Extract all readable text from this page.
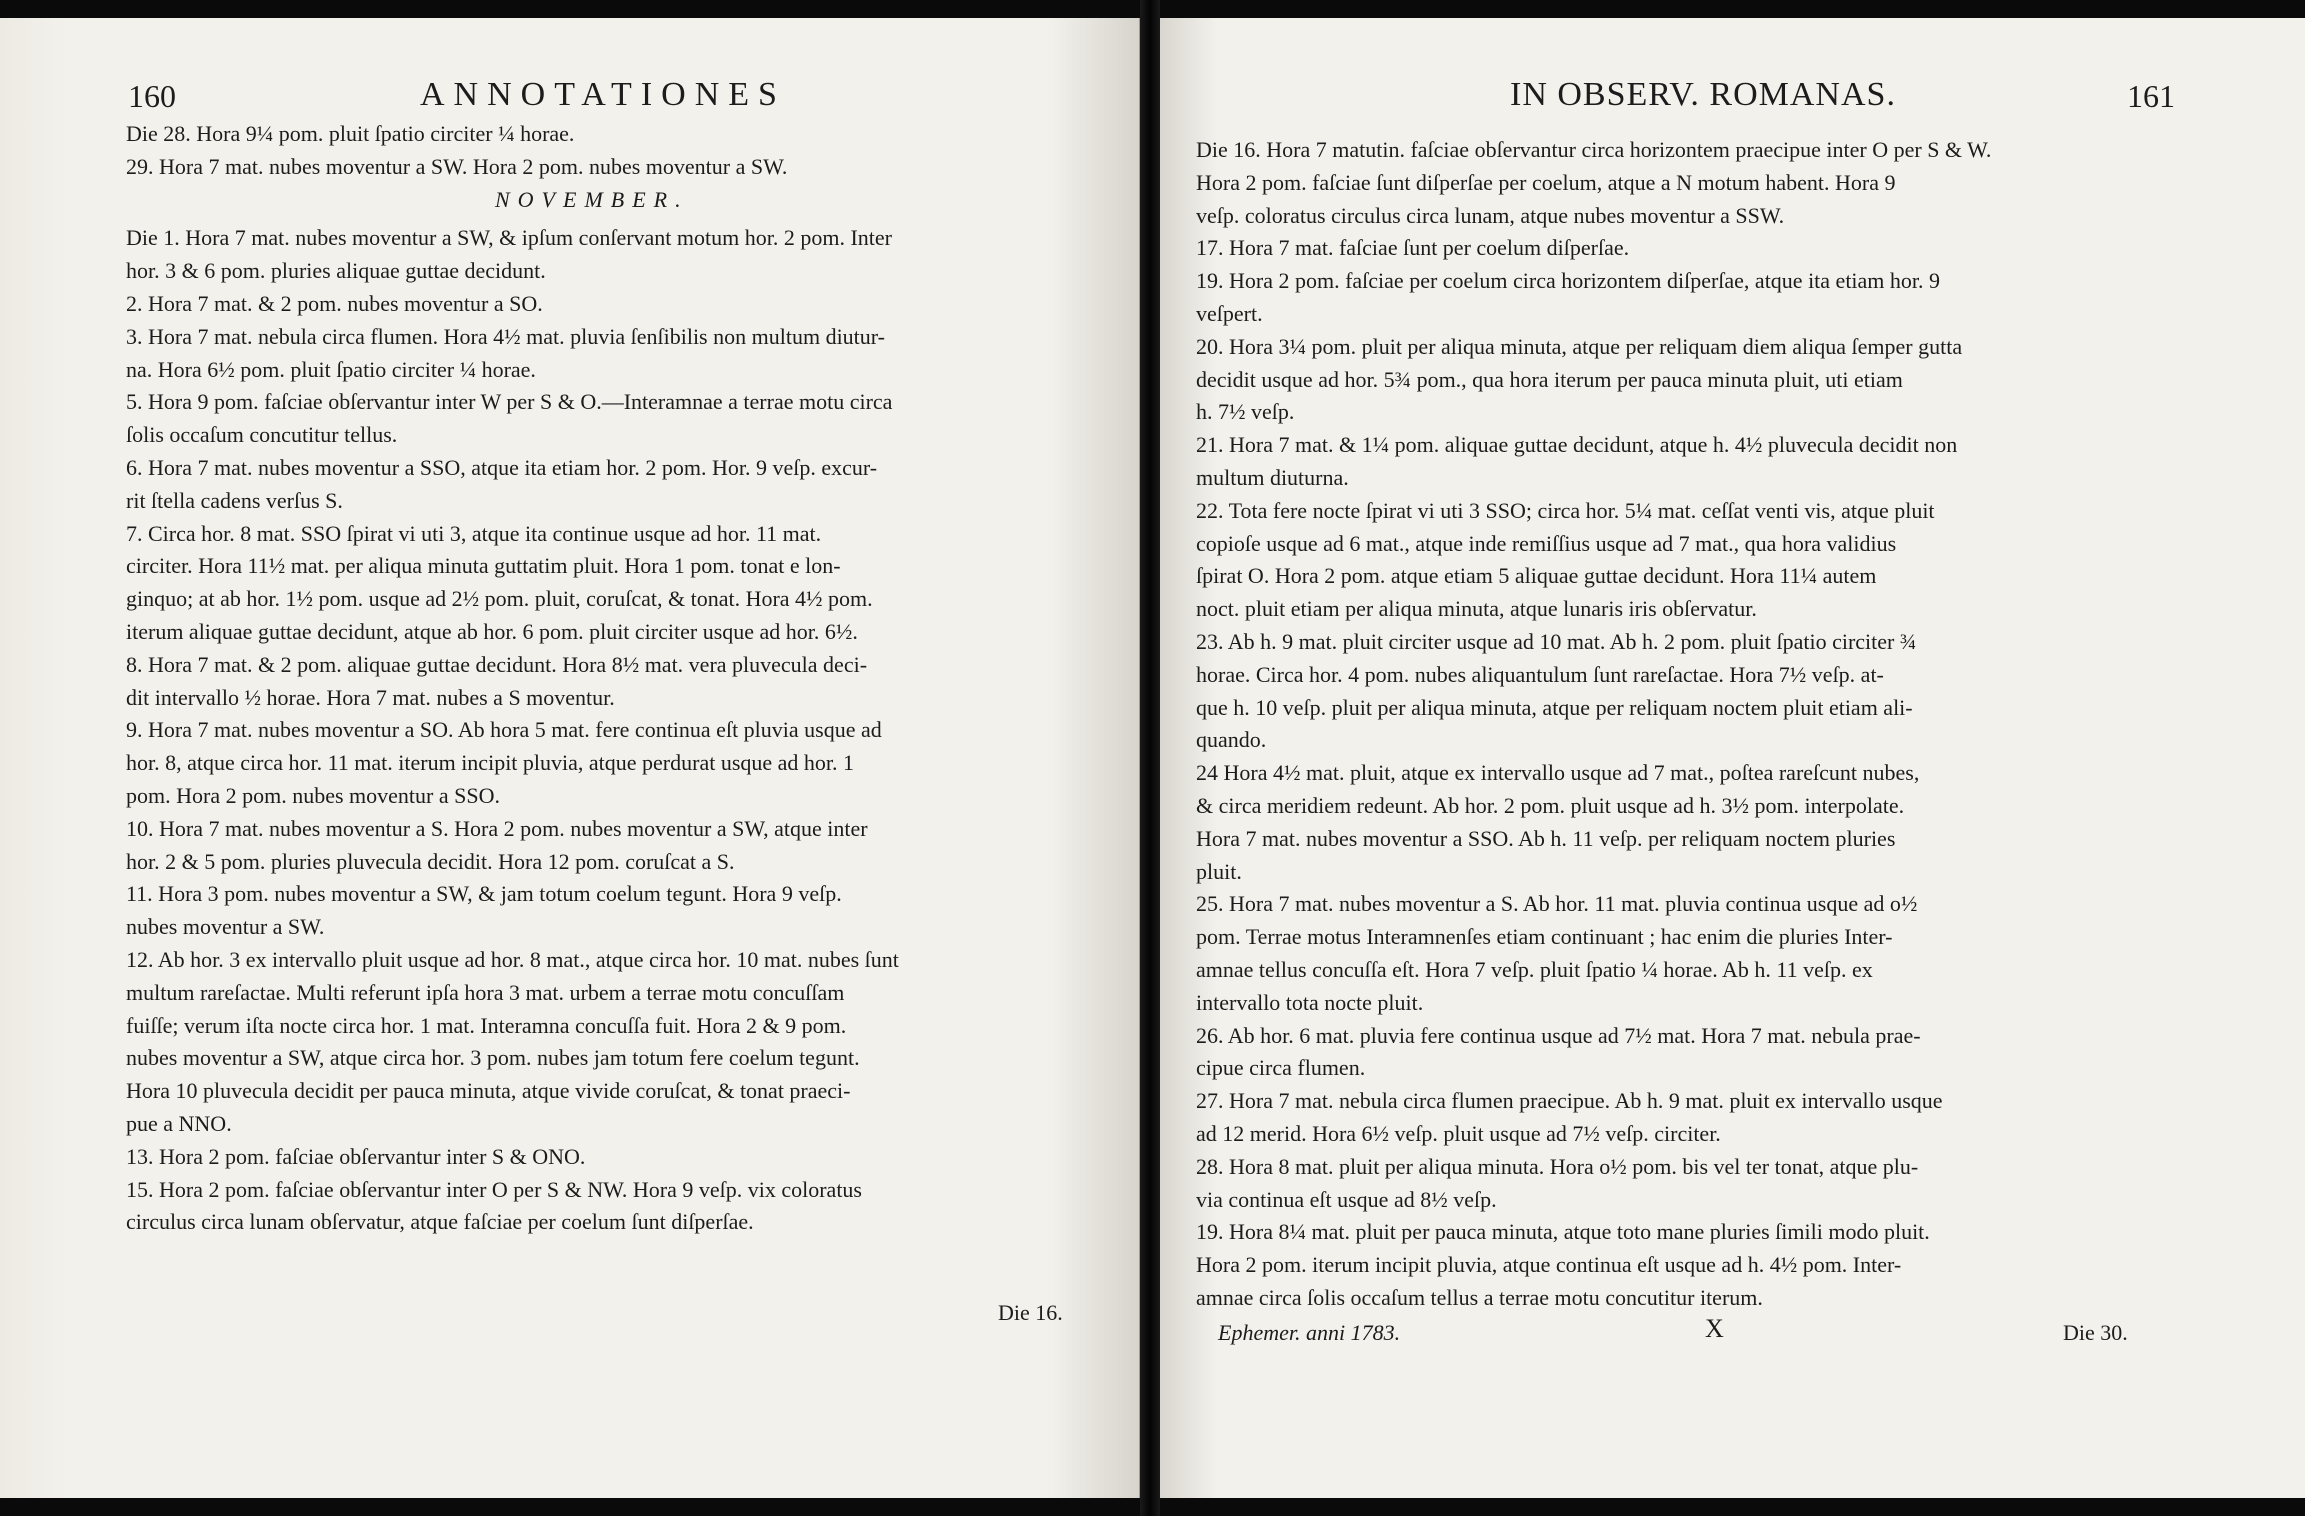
160	ANNOTATIONES
Die 28. Hora 9¼ pom. pluit ſpatio circiter ¼ horae.
29. Hora 7 mat. nubes moventur a SW. Hora 2 pom. nubes moventur a SW.
NOVEMBER.
Die 1. Hora 7 mat. nubes moventur a SW, & ipſum conſervant motum hor. 2 pom. Inter
hor. 3 & 6 pom. pluries aliquae guttae decidunt.
2. Hora 7 mat. & 2 pom. nubes moventur a SO.
3. Hora 7 mat. nebula circa flumen. Hora 4½ mat. pluvia ſenſibilis non multum diutur-
na. Hora 6½ pom. pluit ſpatio circiter ¼ horae.
5. Hora 9 pom. faſciae obſervantur inter W per S & O.—Interamnae a terrae motu circa
ſolis occaſum concutitur tellus.
6. Hora 7 mat. nubes moventur a SSO, atque ita etiam hor. 2 pom. Hor. 9 veſp. excur-
rit ſtella cadens verſus S.
7. Circa hor. 8 mat. SSO ſpirat vi uti 3, atque ita continue usque ad hor. 11 mat.
circiter. Hora 11½ mat. per aliqua minuta guttatim pluit. Hora 1 pom. tonat e lon-
ginquo; at ab hor. 1½ pom. usque ad 2½ pom. pluit, coruſcat, & tonat. Hora 4½ pom.
iterum aliquae guttae decidunt, atque ab hor. 6 pom. pluit circiter usque ad hor. 6½.
8. Hora 7 mat. & 2 pom. aliquae guttae decidunt. Hora 8½ mat. vera pluvecula deci-
dit intervallo ½ horae. Hora 7 mat. nubes a S moventur.
9. Hora 7 mat. nubes moventur a SO. Ab hora 5 mat. fere continua eſt pluvia usque ad
hor. 8, atque circa hor. 11 mat. iterum incipit pluvia, atque perdurat usque ad hor. 1
pom. Hora 2 pom. nubes moventur a SSO.
10. Hora 7 mat. nubes moventur a S. Hora 2 pom. nubes moventur a SW, atque inter
hor. 2 & 5 pom. pluries pluvecula decidit. Hora 12 pom. coruſcat a S.
11. Hora 3 pom. nubes moventur a SW, & jam totum coelum tegunt. Hora 9 veſp.
nubes moventur a SW.
12. Ab hor. 3 ex intervallo pluit usque ad hor. 8 mat., atque circa hor. 10 mat. nubes ſunt
multum rareſactae. Multi referunt ipſa hora 3 mat. urbem a terrae motu concuſſam
fuiſſe; verum iſta nocte circa hor. 1 mat. Interamna concuſſa fuit. Hora 2 & 9 pom.
nubes moventur a SW, atque circa hor. 3 pom. nubes jam totum fere coelum tegunt.
Hora 10 pluvecula decidit per pauca minuta, atque vivide coruſcat, & tonat praeci-
pue a NNO.
13. Hora 2 pom. faſciae obſervantur inter S & ONO.
15. Hora 2 pom. faſciae obſervantur inter O per S & NW. Hora 9 veſp. vix coloratus
circulus circa lunam obſervatur, atque faſciae per coelum ſunt diſperſae.
Die 16.
IN OBSERV. ROMANAS.	161
Die 16. Hora 7 matutin. faſciae obſervantur circa horizontem praecipue inter O per S & W.
Hora 2 pom. faſciae ſunt diſperſae per coelum, atque a N motum habent. Hora 9
veſp. coloratus circulus circa lunam, atque nubes moventur a SSW.
17. Hora 7 mat. faſciae ſunt per coelum diſperſae.
19. Hora 2 pom. faſciae per coelum circa horizontem diſperſae, atque ita etiam hor. 9
veſpert.
20. Hora 3¼ pom. pluit per aliqua minuta, atque per reliquam diem aliqua ſemper gutta
decidit usque ad hor. 5¾ pom., qua hora iterum per pauca minuta pluit, uti etiam
h. 7½ veſp.
21. Hora 7 mat. & 1¼ pom. aliquae guttae decidunt, atque h. 4½ pluvecula decidit non
multum diuturna.
22. Tota fere nocte ſpirat vi uti 3 SSO; circa hor. 5¼ mat. ceſſat venti vis, atque pluit
copioſe usque ad 6 mat., atque inde remiſſius usque ad 7 mat., qua hora validius
ſpirat O. Hora 2 pom. atque etiam 5 aliquae guttae decidunt. Hora 11¼ autem
noct. pluit etiam per aliqua minuta, atque lunaris iris obſervatur.
23. Ab h. 9 mat. pluit circiter usque ad 10 mat. Ab h. 2 pom. pluit ſpatio circiter ¾
horae. Circa hor. 4 pom. nubes aliquantulum ſunt rareſactae. Hora 7½ veſp. at-
que h. 10 veſp. pluit per aliqua minuta, atque per reliquam noctem pluit etiam ali-
quando.
24 Hora 4½ mat. pluit, atque ex intervallo usque ad 7 mat., poſtea rareſcunt nubes,
& circa meridiem redeunt. Ab hor. 2 pom. pluit usque ad h. 3½ pom. interpolate.
Hora 7 mat. nubes moventur a SSO. Ab h. 11 veſp. per reliquam noctem pluries
pluit.
25. Hora 7 mat. nubes moventur a S. Ab hor. 11 mat. pluvia continua usque ad o½
pom. Terrae motus Interamnenſes etiam continuant ; hac enim die pluries Inter-
amnae tellus concuſſa eſt. Hora 7 veſp. pluit ſpatio ¼ horae. Ab h. 11 veſp. ex
intervallo tota nocte pluit.
26. Ab hor. 6 mat. pluvia fere continua usque ad 7½ mat. Hora 7 mat. nebula prae-
cipue circa flumen.
27. Hora 7 mat. nebula circa flumen praecipue. Ab h. 9 mat. pluit ex intervallo usque
ad 12 merid. Hora 6½ veſp. pluit usque ad 7½ veſp. circiter.
28. Hora 8 mat. pluit per aliqua minuta. Hora o½ pom. bis vel ter tonat, atque plu-
via continua eſt usque ad 8½ veſp.
19. Hora 8¼ mat. pluit per pauca minuta, atque toto mane pluries ſimili modo pluit.
Hora 2 pom. iterum incipit pluvia, atque continua eſt usque ad h. 4½ pom. Inter-
amnae circa ſolis occaſum tellus a terrae motu concutitur iterum.
Ephemer. anni 1783.	X	Die 30.
